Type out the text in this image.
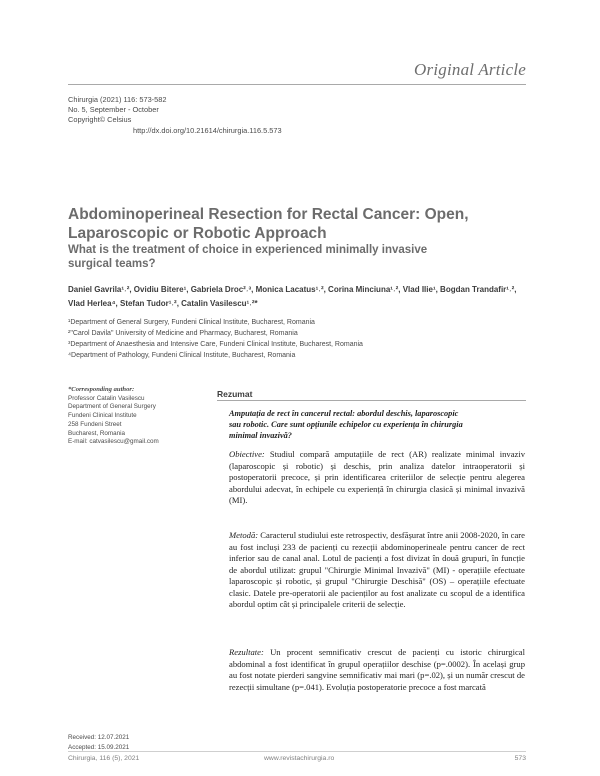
Original Article
Chirurgia (2021) 116: 573-582
No. 5, September - October
Copyright© Celsius
http://dx.doi.org/10.21614/chirurgia.116.5.573
Abdominoperineal Resection for Rectal Cancer: Open,
Laparoscopic or Robotic Approach
What is the treatment of choice in experienced minimally invasive
surgical teams?
Daniel Gavrila¹˒², Ovidiu Bitere¹, Gabriela Droc²˒³, Monica Lacatus¹˒², Corina Minciuna¹˒², Vlad Ilie¹, Bogdan Trandafir¹˒²,
Vlad Herlea⁴, Stefan Tudor¹˒², Catalin Vasilescu¹˒²*
¹Department of General Surgery, Fundeni Clinical Institute, Bucharest, Romania
²"Carol Davila" University of Medicine and Pharmacy, Bucharest, Romania
³Department of Anaesthesia and Intensive Care, Fundeni Clinical Institute, Bucharest, Romania
⁴Department of Pathology, Fundeni Clinical Institute, Bucharest, Romania
*Corresponding author:
Professor Catalin Vasilescu
Department of General Surgery
Fundeni Clinical Institute
258 Fundeni Street
Bucharest, Romania
E-mail: catvasilescu@gmail.com
Received: 12.07.2021
Accepted: 15.09.2021
Rezumat
Amputația de rect în cancerul rectal: abordul deschis, laparoscopic
sau robotic. Care sunt opțiunile echipelor cu experiența în chirurgia
minimal invazivă?

Obiective: Studiul compară amputațiile de rect (AR) realizate minimal invaziv (laparoscopic și robotic) și deschis, prin analiza datelor intraoperatorii și postoperatorii precoce, și prin identificarea criteriilor de selecție pentru alegerea abordului adecvat, în echipele cu experiență în chirurgia clasică și minimal invazivă (MI).

Metodă: Caracterul studiului este retrospectiv, desfășurat între anii 2008-2020, în care au fost incluși 233 de pacienți cu rezecții abdominoperineale pentru cancer de rect inferior sau de canal anal. Lotul de pacienți a fost divizat în două grupuri, în funcție de abordul utilizat: grupul "Chirurgie Minimal Invazivă" (MI) - operațiile efectuate laparoscopic și robotic, și grupul "Chirurgie Deschisă" (OS) – operațiile efectuate clasic. Datele pre-operatorii ale pacienților au fost analizate cu scopul de a identifica abordul optim cât și principalele criterii de selecție.

Rezultate: Un procent semnificativ crescut de pacienți cu istoric chirurgical abdominal a fost identificat în grupul operațiilor deschise (p=.0002). În același grup au fost notate pierderi sangvine semnificativ mai mari (p=.02), și un număr crescut de rezecții simultane (p=.041). Evoluția postoperatorie precoce a fost marcată

Chirurgia, 116 (5), 2021	www.revistachirurgia.ro	573
